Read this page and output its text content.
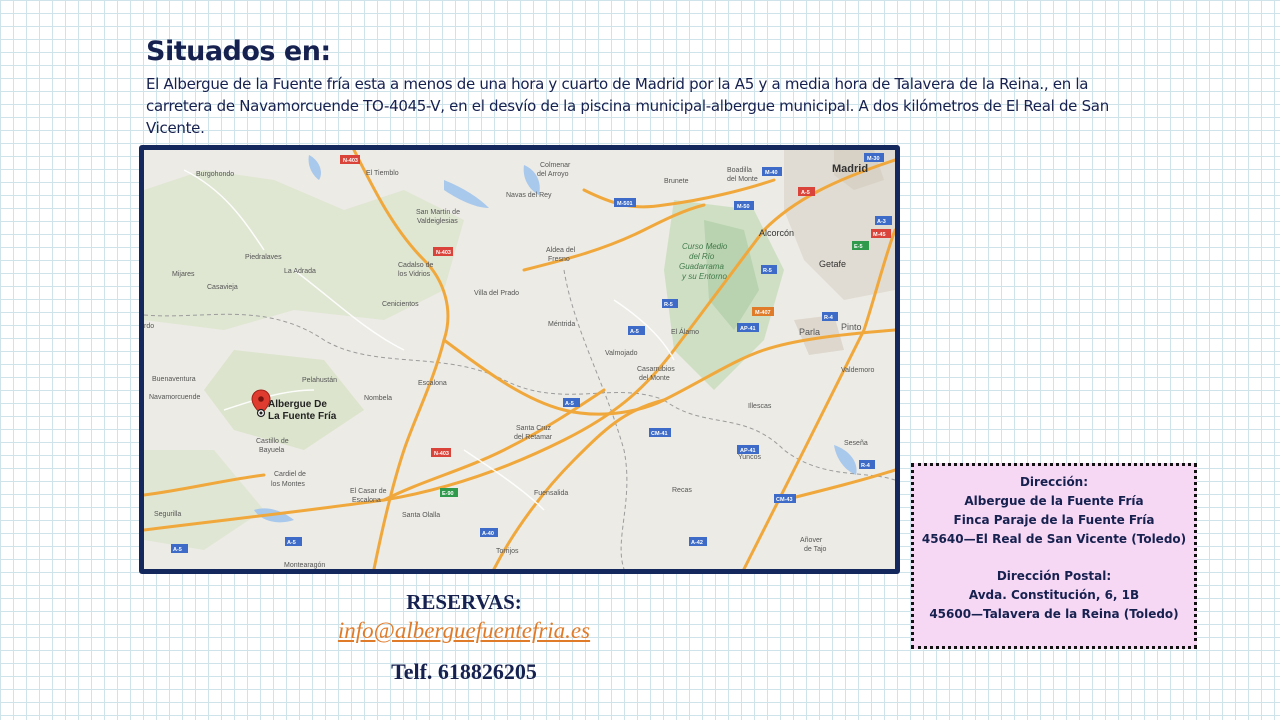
Situados en:
El Albergue de la Fuente fría esta a menos de una hora y cuarto de Madrid por la A5 y a media hora de Talavera de la Reina., en la carretera de Navamorcuende TO-4045-V, en el desvío de la piscina municipal-albergue municipal. A dos kilómetros de El Real de San Vicente.
N-403	M-30
M-40
A-5
M-501	M-50
A-3
M-45
E-5
N-403
R-5
R-5
M-407
R-4
AP-41
A-5
A-5
CM-41
AP-41
N-403
R-4
E-90
CM-43
A-40
A-5	A-42
A-5
Curso Medio
del Río
Guadarrama
y su Entorno
Burgohondo	El Tiemblo
Colmenar
del Arroyo
Brunete
Boadilla
del Monte
Madrid
Navas del Rey
San Martín de
Valdeiglesias
Alcorcón
Aldea del
Fresno
Piedralaves
Getafe
Cadalso de
los Vidrios
La Adrada
Mijares
Casavieja
Villa del Prado
Cenicientos
rdo	Méntrida
El Álamo	Parla Pinto
Valmojado
Casarrubios
del Monte
Valdemoro
Buenaventura	Pelahustán	Escalona
Navamorcuende	Nombela
Illescas
Santa Cruz
del Retamar
Castillo de
Bayuela
Seseña
Yuncos
Cardiel de
los Montes
El Casar de
Escalona
Fuensalida	Recas
Segurilla	Santa Olalla
Torrijos
Añover
de Tajo
Montearagón
Albergue De
La Fuente Fría
RESERVAS:
info@alberguefuentefria.es
Telf. 618826205
Dirección:
Albergue de la Fuente Fría
Finca Paraje de la Fuente Fría
45640—El Real de San Vicente (Toledo)
Dirección Postal:
Avda. Constitución, 6, 1B
45600—Talavera de la Reina (Toledo)
